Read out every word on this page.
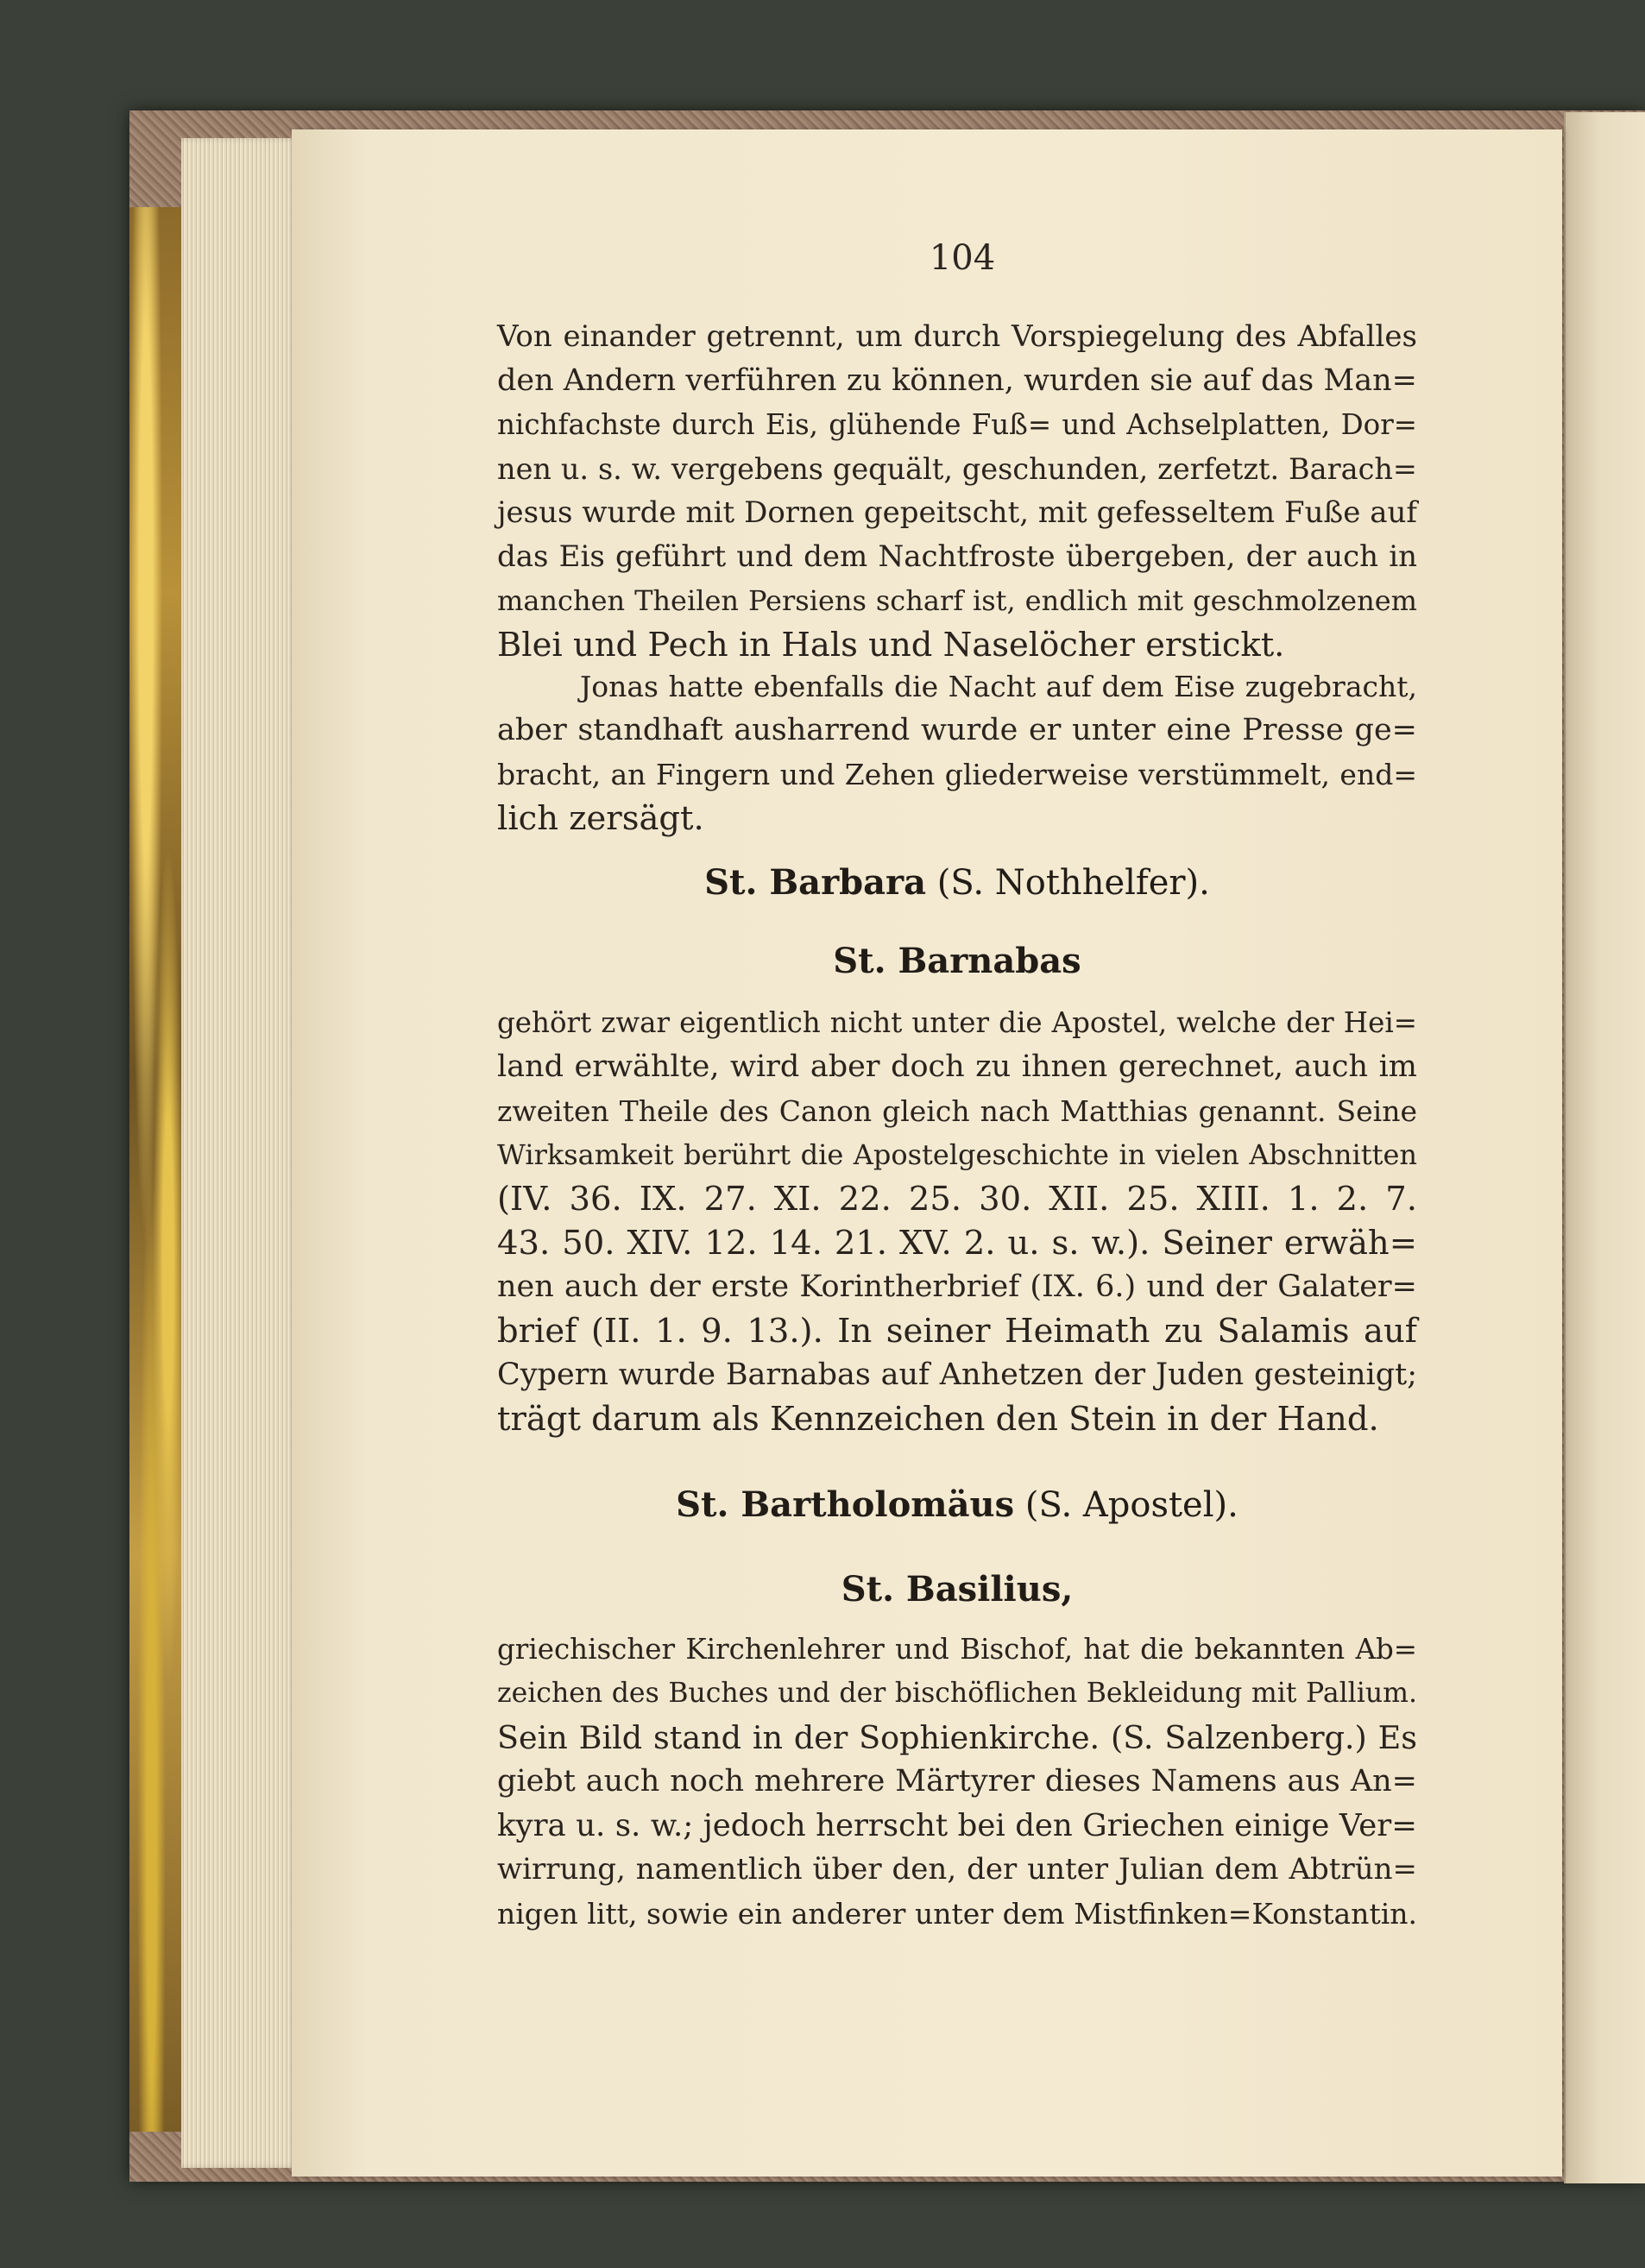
104
Von einander getrennt, um durch Vorspiegelung des Abfalles
den Andern verführen zu können, wurden sie auf das Man=
nichfachste durch Eis, glühende Fuß= und Achselplatten, Dor=
nen u. s. w. vergebens gequält, geschunden, zerfetzt. Barach=
jesus wurde mit Dornen gepeitscht, mit gefesseltem Fuße auf
das Eis geführt und dem Nachtfroste übergeben, der auch in
manchen Theilen Persiens scharf ist, endlich mit geschmolzenem
Blei und Pech in Hals und Naselöcher erstickt.
Jonas hatte ebenfalls die Nacht auf dem Eise zugebracht,
aber standhaft ausharrend wurde er unter eine Presse ge=
bracht, an Fingern und Zehen gliederweise verstümmelt, end=
lich zersägt.
St. Barbara (S. Nothhelfer).
St. Barnabas
gehört zwar eigentlich nicht unter die Apostel, welche der Hei=
land erwählte, wird aber doch zu ihnen gerechnet, auch im
zweiten Theile des Canon gleich nach Matthias genannt. Seine
Wirksamkeit berührt die Apostelgeschichte in vielen Abschnitten
(IV. 36. IX. 27. XI. 22. 25. 30. XII. 25. XIII. 1. 2. 7.
43. 50. XIV. 12. 14. 21. XV. 2. u. s. w.). Seiner erwäh=
nen auch der erste Korintherbrief (IX. 6.) und der Galater=
brief (II. 1. 9. 13.). In seiner Heimath zu Salamis auf
Cypern wurde Barnabas auf Anhetzen der Juden gesteinigt;
trägt darum als Kennzeichen den Stein in der Hand.
St. Bartholomäus (S. Apostel).
St. Basilius,
griechischer Kirchenlehrer und Bischof, hat die bekannten Ab=
zeichen des Buches und der bischöflichen Bekleidung mit Pallium.
Sein Bild stand in der Sophienkirche. (S. Salzenberg.) Es
giebt auch noch mehrere Märtyrer dieses Namens aus An=
kyra u. s. w.; jedoch herrscht bei den Griechen einige Ver=
wirrung, namentlich über den, der unter Julian dem Abtrün=
nigen litt, sowie ein anderer unter dem Mistfinken=Konstantin.
